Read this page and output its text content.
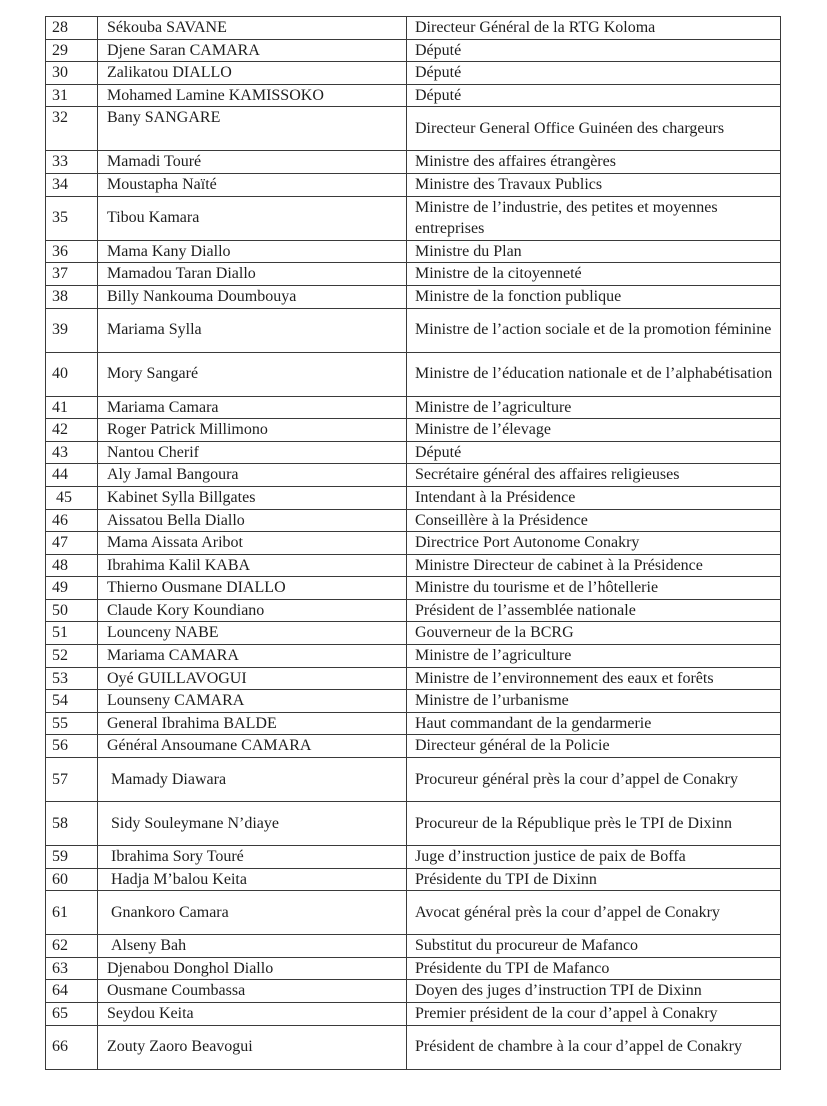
28	Sékouba SAVANE	Directeur Général de la RTG Koloma
29	Djene Saran CAMARA	Député
30	Zalikatou DIALLO	Député
31	Mohamed Lamine KAMISSOKO	Député
32	Bany SANGARE	Directeur General Office Guinéen des chargeurs
33	Mamadi Touré	Ministre des affaires étrangères
34	Moustapha Naïté	Ministre des Travaux Publics
35	Tibou Kamara	Ministre de l’industrie, des petites et moyennes entreprises
36	Mama Kany Diallo	Ministre du Plan
37	Mamadou Taran Diallo	Ministre de la citoyenneté
38	Billy Nankouma Doumbouya	Ministre de la fonction publique
39	Mariama Sylla	Ministre de l’action sociale et de la promotion féminine
40	Mory Sangaré	Ministre de l’éducation nationale et de l’alphabétisation
41	Mariama Camara	Ministre de l’agriculture
42	Roger Patrick Millimono	Ministre de l’élevage
43	Nantou Cherif	Député
44	Aly Jamal Bangoura	Secrétaire général des affaires religieuses
45	Kabinet Sylla Billgates	Intendant à la Présidence
46	Aissatou Bella Diallo	Conseillère à la Présidence
47	Mama Aissata Aribot	Directrice Port Autonome Conakry
48	Ibrahima Kalil KABA	Ministre Directeur de cabinet à la Présidence
49	Thierno Ousmane DIALLO	Ministre du tourisme et de l’hôtellerie
50	Claude Kory Koundiano	Président de l’assemblée nationale
51	Lounceny NABE	Gouverneur de la BCRG
52	Mariama CAMARA	Ministre de l’agriculture
53	Oyé GUILLAVOGUI	Ministre de l’environnement des eaux et forêts
54	Lounseny CAMARA	Ministre de l’urbanisme
55	General Ibrahima BALDE	Haut commandant de la gendarmerie
56	Général Ansoumane CAMARA	Directeur général de la Policie
57	Mamady Diawara	Procureur général près la cour d’appel de Conakry
58	Sidy Souleymane N’diaye	Procureur de la République près le TPI de Dixinn
59	Ibrahima Sory Touré	Juge d’instruction justice de paix de Boffa
60	Hadja M’balou Keita	Présidente du TPI de Dixinn
61	Gnankoro Camara	Avocat général près la cour d’appel de Conakry
62	Alseny Bah	Substitut du procureur de Mafanco
63	Djenabou Donghol Diallo	Présidente du TPI de Mafanco
64	Ousmane Coumbassa	Doyen des juges d’instruction TPI de Dixinn
65	Seydou Keita	Premier président de la cour d’appel à Conakry
66	Zouty Zaoro Beavogui	Président de chambre à la cour d’appel de Conakry
